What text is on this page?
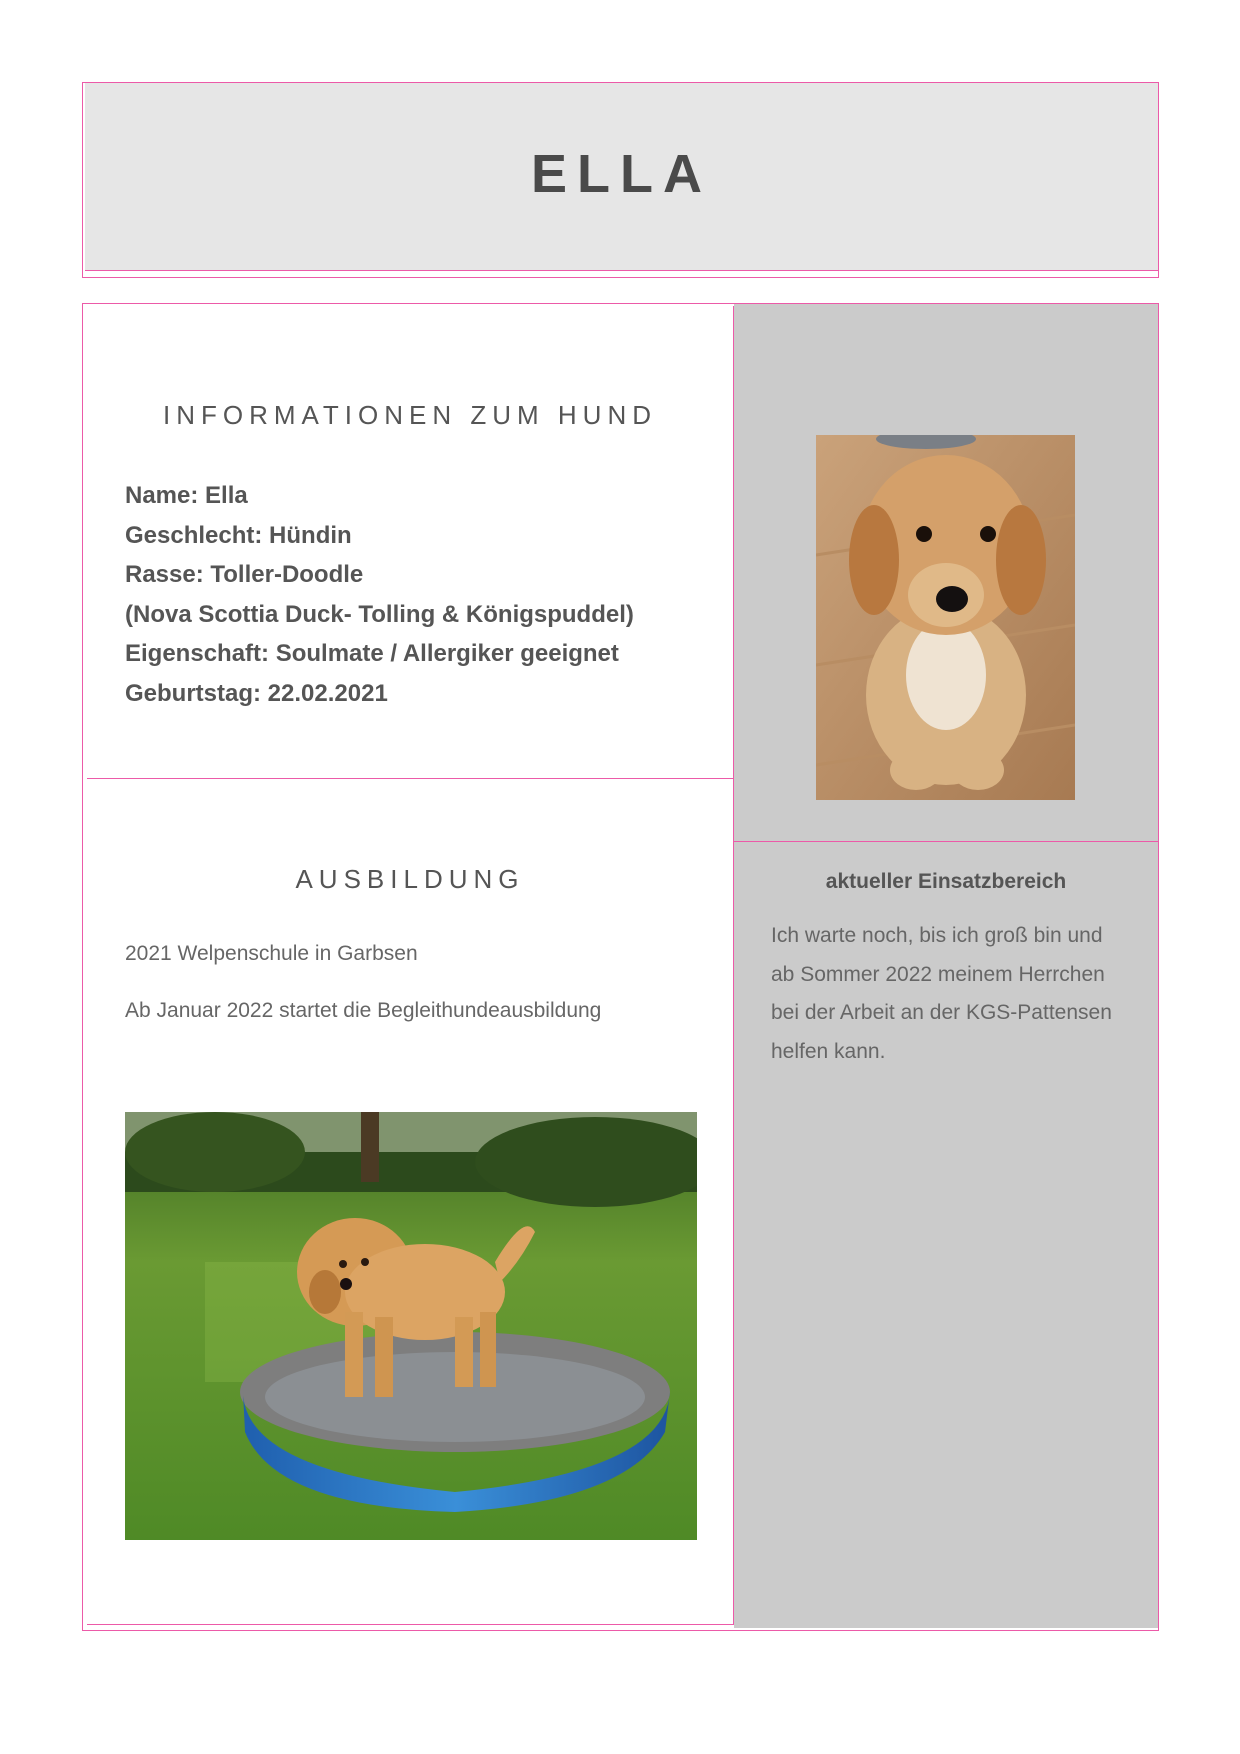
ELLA
INFORMATIONEN ZUM HUND
Name: Ella
Geschlecht: Hündin
Rasse: Toller-Doodle
(Nova Scottia Duck- Tolling & Königspuddel)
Eigenschaft: Soulmate / Allergiker geeignet
Geburtstag: 22.02.2021
AUSBILDUNG
2021 Welpenschule in Garbsen
Ab Januar 2022 startet die Begleithundeausbildung
aktueller Einsatzbereich

Ich warte noch, bis ich groß bin und ab Sommer 2022 meinem Herrchen bei der Arbeit an der KGS-Pattensen helfen kann.
